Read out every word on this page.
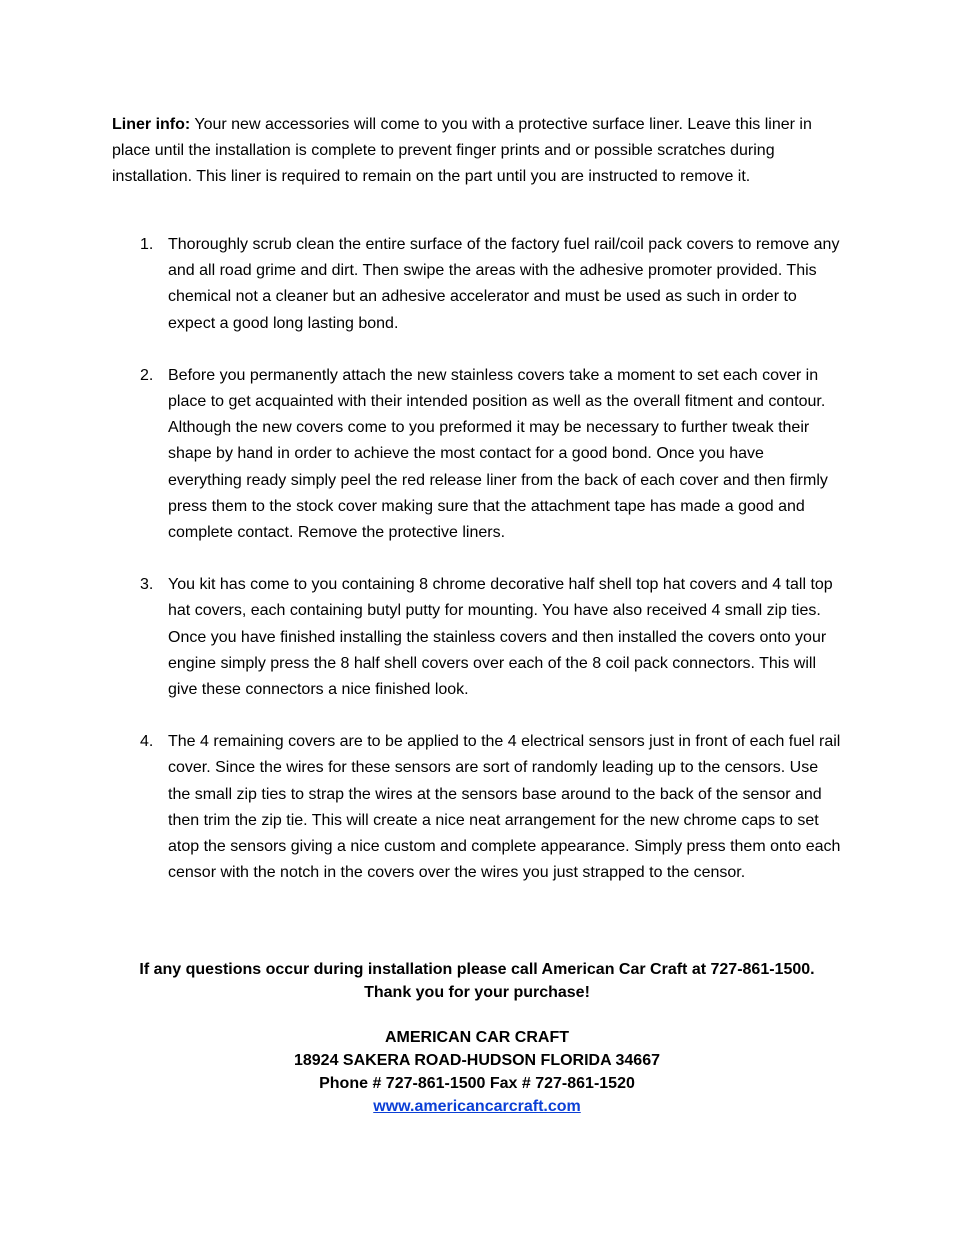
Liner info: Your new accessories will come to you with a protective surface liner. Leave this liner in place until the installation is complete to prevent finger prints and or possible scratches during installation. This liner is required to remain on the part until you are instructed to remove it.

1. Thoroughly scrub clean the entire surface of the factory fuel rail/coil pack covers to remove any and all road grime and dirt. Then swipe the areas with the adhesive promoter provided. This chemical not a cleaner but an adhesive accelerator and must be used as such in order to expect a good long lasting bond.
2. Before you permanently attach the new stainless covers take a moment to set each cover in place to get acquainted with their intended position as well as the overall fitment and contour. Although the new covers come to you preformed it may be necessary to further tweak their shape by hand in order to achieve the most contact for a good bond. Once you have everything ready simply peel the red release liner from the back of each cover and then firmly press them to the stock cover making sure that the attachment tape has made a good and complete contact. Remove the protective liners.
3. You kit has come to you containing 8 chrome decorative half shell top hat covers and 4 tall top hat covers, each containing butyl putty for mounting. You have also received 4 small zip ties. Once you have finished installing the stainless covers and then installed the covers onto your engine simply press the 8 half shell covers over each of the 8 coil pack connectors. This will give these connectors a nice finished look.
4. The 4 remaining covers are to be applied to the 4 electrical sensors just in front of each fuel rail cover. Since the wires for these sensors are sort of randomly leading up to the censors. Use the small zip ties to strap the wires at the sensors base around to the back of the sensor and then trim the zip tie. This will create a nice neat arrangement for the new chrome caps to set atop the sensors giving a nice custom and complete appearance. Simply press them onto each censor with the notch in the covers over the wires you just strapped to the censor.
If any questions occur during installation please call American Car Craft at 727-861-1500.
Thank you for your purchase!
AMERICAN CAR CRAFT
18924 SAKERA ROAD-HUDSON FLORIDA 34667
Phone # 727-861-1500 Fax # 727-861-1520
www.americancarcraft.com
